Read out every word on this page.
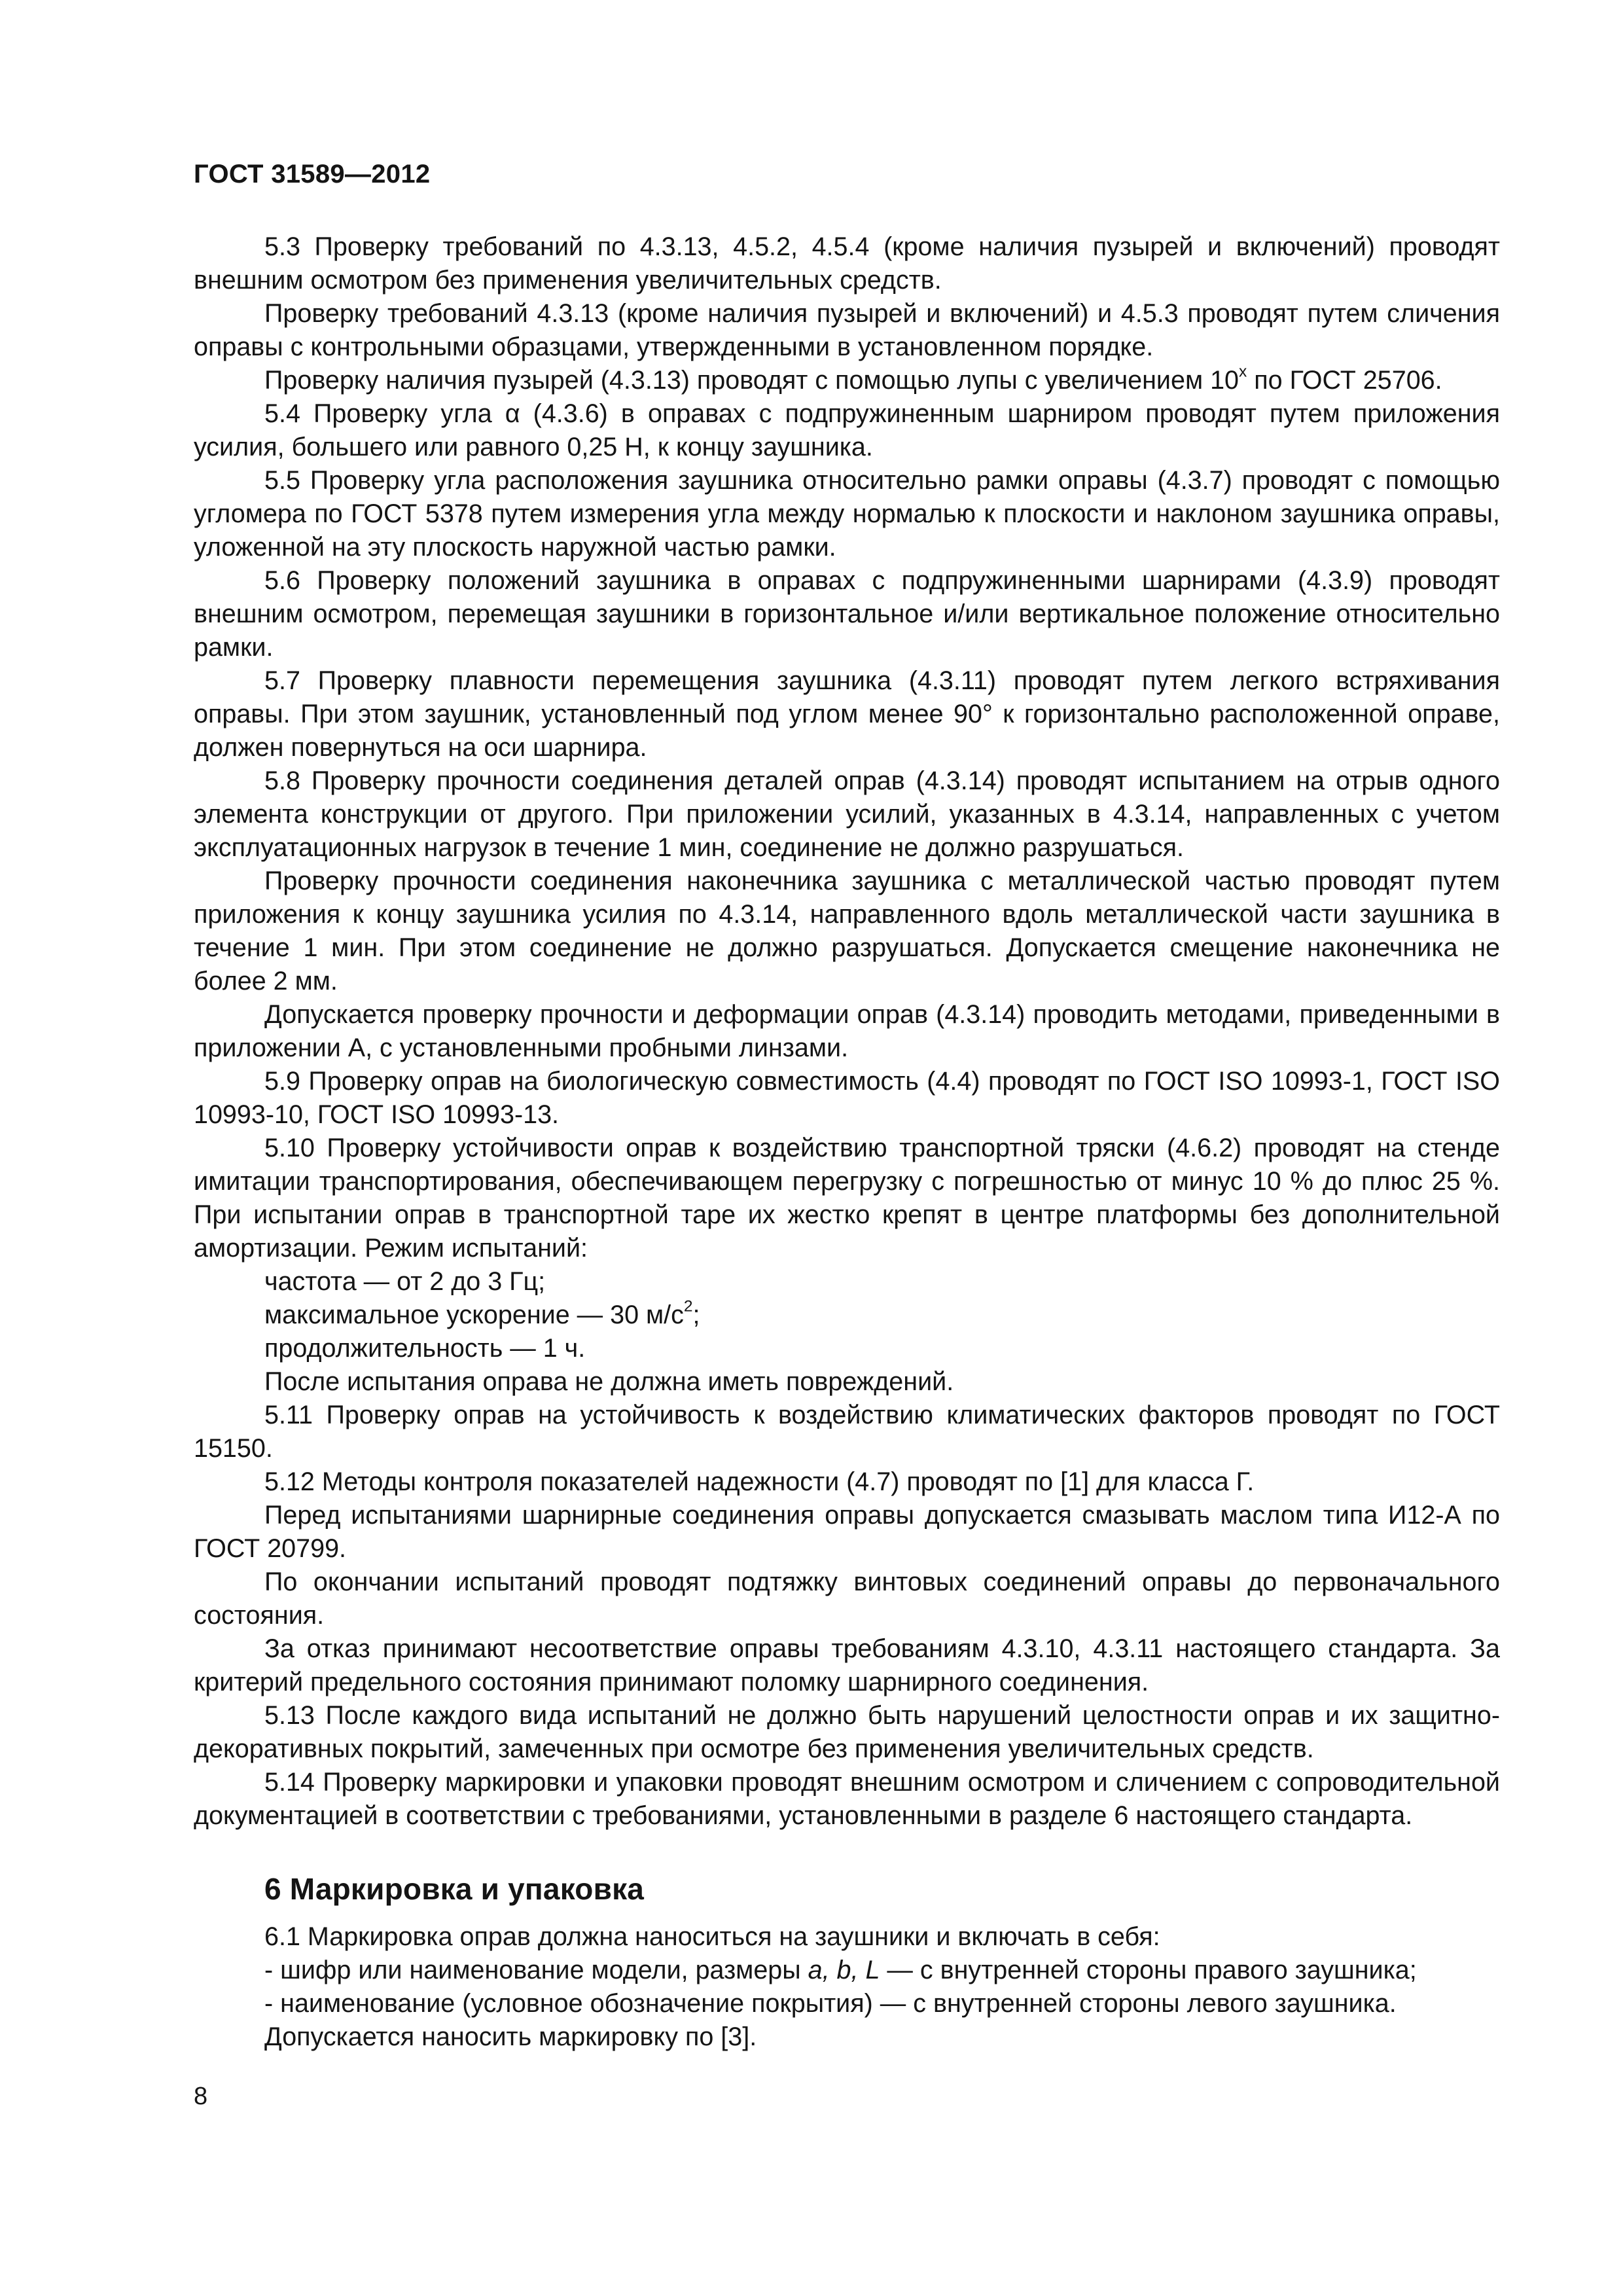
ГОСТ 31589—2012

5.3 Проверку требований по 4.3.13, 4.5.2, 4.5.4 (кроме наличия пузырей и включений) проводят внешним осмотром без применения увеличительных средств.

Проверку требований 4.3.13 (кроме наличия пузырей и включений) и 4.5.3 проводят путем сличения оправы с контрольными образцами, утвержденными в установленном порядке.

Проверку наличия пузырей (4.3.13) проводят с помощью лупы с увеличением 10$^x$ по ГОСТ 25706.

5.4 Проверку угла α (4.3.6) в оправах с подпружиненным шарниром проводят путем приложения усилия, большего или равного 0,25 Н, к концу заушника.

5.5 Проверку угла расположения заушника относительно рамки оправы (4.3.7) проводят с помощью угломера по ГОСТ 5378 путем измерения угла между нормалью к плоскости и наклоном заушника оправы, уложенной на эту плоскость наружной частью рамки.

5.6 Проверку положений заушника в оправах с подпружиненными шарнирами (4.3.9) проводят внешним осмотром, перемещая заушники в горизонтальное и/или вертикальное положение относительно рамки.

5.7 Проверку плавности перемещения заушника (4.3.11) проводят путем легкого встряхивания оправы. При этом заушник, установленный под углом менее 90° к горизонтально расположенной оправе, должен повернуться на оси шарнира.

5.8 Проверку прочности соединения деталей оправ (4.3.14) проводят испытанием на отрыв одного элемента конструкции от другого. При приложении усилий, указанных в 4.3.14, направленных с учетом эксплуатационных нагрузок в течение 1 мин, соединение не должно разрушаться.

Проверку прочности соединения наконечника заушника с металлической частью проводят путем приложения к концу заушника усилия по 4.3.14, направленного вдоль металлической части заушника в течение 1 мин. При этом соединение не должно разрушаться. Допускается смещение наконечника не более 2 мм.

Допускается проверку прочности и деформации оправ (4.3.14) проводить методами, приведенными в приложении А, с установленными пробными линзами.

5.9 Проверку оправ на биологическую совместимость (4.4) проводят по ГОСТ ISO 10993-1, ГОСТ ISO 10993-10, ГОСТ ISO 10993-13.

5.10 Проверку устойчивости оправ к воздействию транспортной тряски (4.6.2) проводят на стенде имитации транспортирования, обеспечивающем перегрузку с погрешностью от минус 10 % до плюс 25 %. При испытании оправ в транспортной таре их жестко крепят в центре платформы без дополнительной амортизации. Режим испытаний:

частота — от 2 до 3 Гц;

максимальное ускорение — 30 $м/с^2$;

продолжительность — 1 ч.

После испытания оправа не должна иметь повреждений.

5.11 Проверку оправ на устойчивость к воздействию климатических факторов проводят по ГОСТ 15150.

5.12 Методы контроля показателей надежности (4.7) проводят по [1] для класса Г.

Перед испытаниями шарнирные соединения оправы допускается смазывать маслом типа И12-А по ГОСТ 20799.

По окончании испытаний проводят подтяжку винтовых соединений оправы до первоначального состояния.

За отказ принимают несоответствие оправы требованиям 4.3.10, 4.3.11 настоящего стандарта. За критерий предельного состояния принимают поломку шарнирного соединения.

5.13 После каждого вида испытаний не должно быть нарушений целостности оправ и их защитно-декоративных покрытий, замеченных при осмотре без применения увеличительных средств.

5.14 Проверку маркировки и упаковки проводят внешним осмотром и сличением с сопроводительной документацией в соответствии с требованиями, установленными в разделе 6 настоящего стандарта.

6 Маркировка и упаковка

6.1 Маркировка оправ должна наноситься на заушники и включать в себя:

- шифр или наименование модели, размеры a, b, L — с внутренней стороны правого заушника;

- наименование (условное обозначение покрытия) — с внутренней стороны левого заушника.

Допускается наносить маркировку по [3].

8
